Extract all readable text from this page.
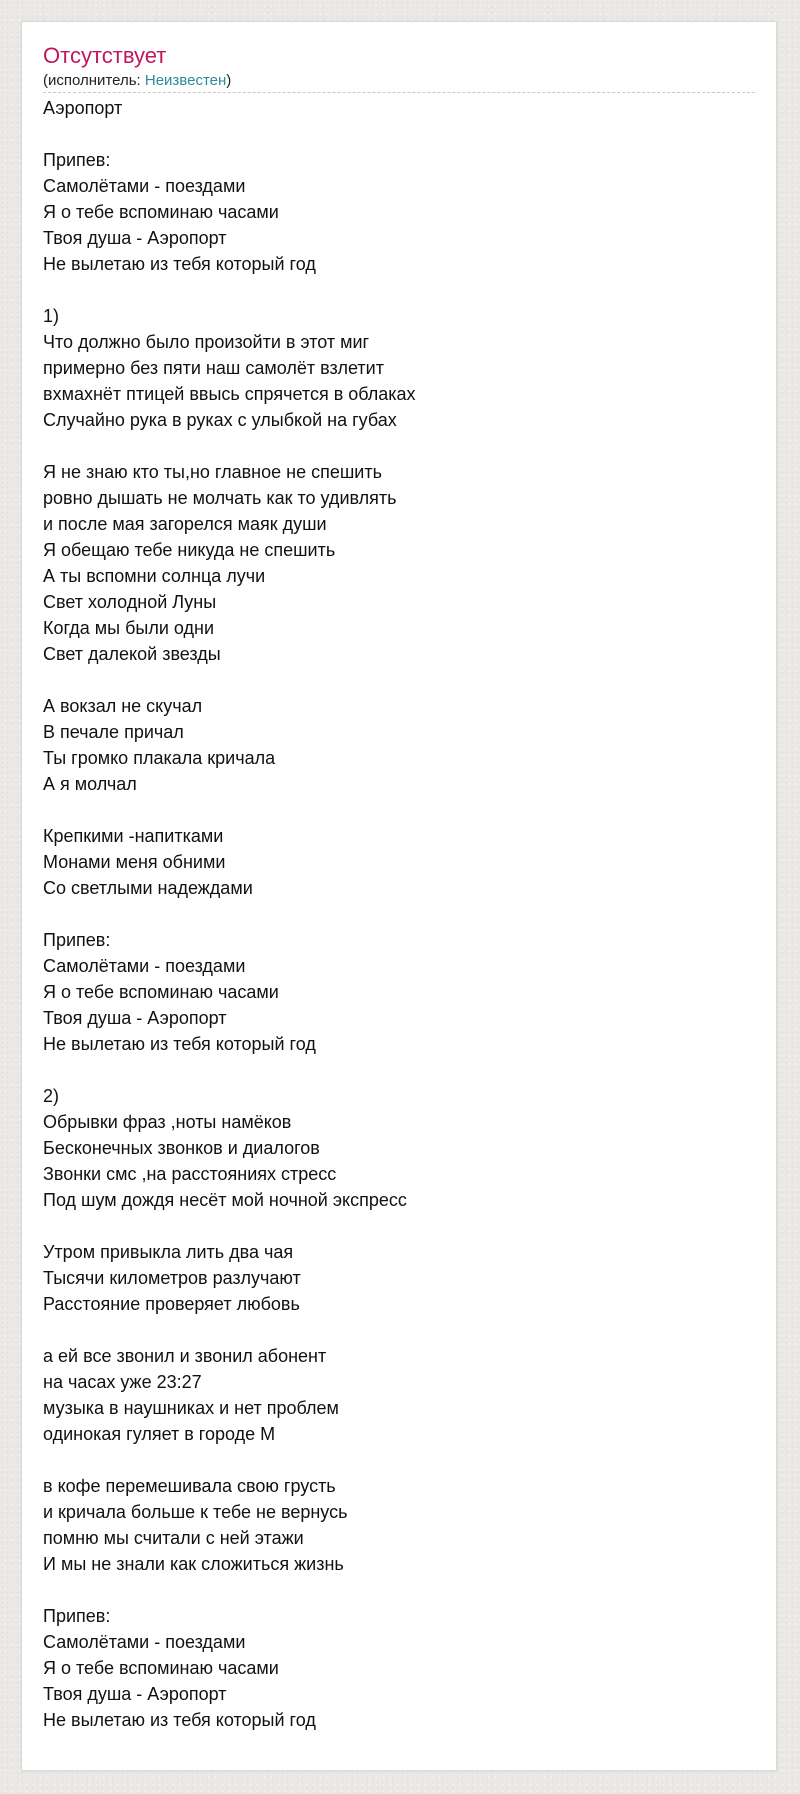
Отсутствует
(исполнитель: Неизвестен)
Аэропорт

Припев:
Самолётами - поездами
Я о тебе вспоминаю часами
Твоя душа - Аэропорт
Не вылетаю из тебя который год

1)
Что должно было произойти в этот миг
примерно без пяти наш самолёт взлетит
вхмахнёт птицей ввысь спрячется в облаках
Случайно рука в руках с улыбкой на губах

Я не знаю кто ты,но главное не спешить
ровно дышать не молчать как то удивлять
и после мая загорелся маяк души
Я обещаю тебе никуда не спешить
А ты вспомни солнца лучи
Свет холодной Луны
Когда мы были одни
Свет далекой звезды

А вокзал не скучал
В печале причал
Ты громко плакала кричала
А я молчал

Крепкими -напитками
Монами меня обними
Со светлыми надеждами

Припев:
Самолётами - поездами
Я о тебе вспоминаю часами
Твоя душа - Аэропорт
Не вылетаю из тебя который год

2)
Обрывки фраз ,ноты намёков
Бесконечных звонков и диалогов
Звонки смс ,на расстояниях стресс
Под шум дождя несёт мой ночной экспресс

Утром привыкла лить два чая
Тысячи километров разлучают
Расстояние проверяет любовь

а ей все звонил и звонил абонент
на часах уже 23:27
музыка в наушниках и нет проблем
одинокая гуляет в городе М

в кофе перемешивала свою грусть
и кричала больше к тебе не вернусь
помню мы считали с ней этажи
И мы не знали как сложиться жизнь

Припев:
Самолётами - поездами
Я о тебе вспоминаю часами
Твоя душа - Аэропорт
Не вылетаю из тебя который год
